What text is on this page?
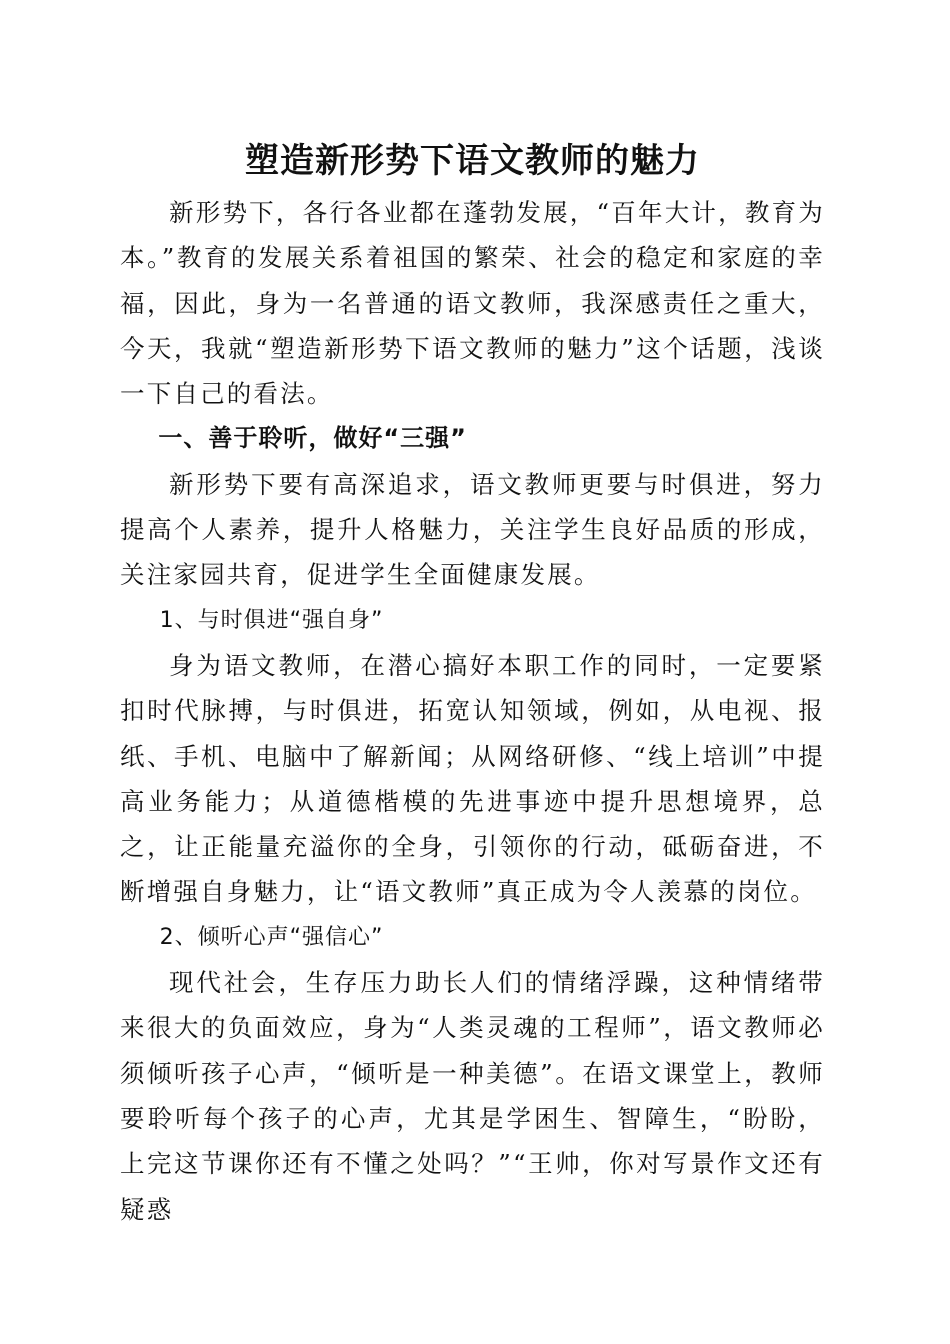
塑造新形势下语文教师的魅力

新形势下，各行各业都在蓬勃发展，“百年大计，教育为本。”教育的发展关系着祖国的繁荣、社会的稳定和家庭的幸福，因此，身为一名普通的语文教师，我深感责任之重大，今天，我就“塑造新形势下语文教师的魅力”这个话题，浅谈一下自己的看法。

一、善于聆听，做好“三强”

新形势下要有高深追求，语文教师更要与时俱进，努力提高个人素养，提升人格魅力，关注学生良好品质的形成，关注家园共育，促进学生全面健康发展。

1、与时俱进“强自身”

身为语文教师，在潜心搞好本职工作的同时，一定要紧扣时代脉搏，与时俱进，拓宽认知领域，例如，从电视、报纸、手机、电脑中了解新闻；从网络研修、“线上培训”中提高业务能力；从道德楷模的先进事迹中提升思想境界，总之，让正能量充溢你的全身，引领你的行动，砥砺奋进，不断增强自身魅力，让“语文教师”真正成为令人羡慕的岗位。

2、倾听心声“强信心”

现代社会，生存压力助长人们的情绪浮躁，这种情绪带来很大的负面效应，身为“人类灵魂的工程师”，语文教师必须倾听孩子心声，“倾听是一种美德”。在语文课堂上，教师要聆听每个孩子的心声，尤其是学困生、智障生，“盼盼，上完这节课你还有不懂之处吗？”“王帅，你对写景作文还有疑惑
